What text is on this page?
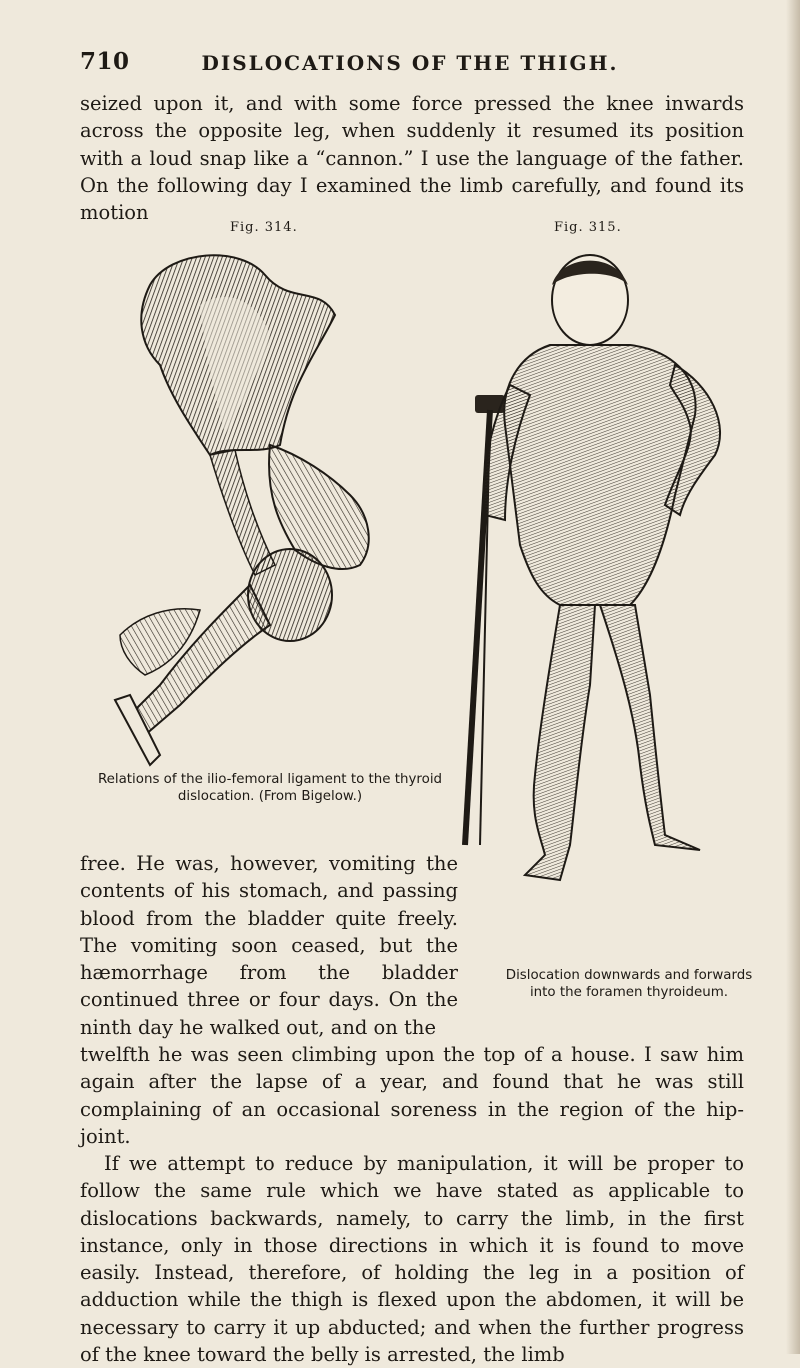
710	DISLOCATIONS OF THE THIGH.

seized upon it, and with some force pressed the knee inwards across the opposite leg, when suddenly it resumed its position with a loud snap like a “cannon.” I use the language of the father. On the following day I examined the limb carefully, and found its motion

Fig. 314.	Fig. 315.

Relations of the ilio-femoral ligament to the thyroid dislocation. (From Bigelow.)

free. He was, however, vomiting the contents of his stomach, and passing blood from the bladder quite freely. The vomiting soon ceased, but the hæmorrhage from the bladder continued three or four days. On the ninth day he walked out, and on the

Dislocation downwards and forwards into the foramen thyroideum.

twelfth he was seen climbing upon the top of a house. I saw him again after the lapse of a year, and found that he was still complaining of an occasional soreness in the region of the hip-joint.

If we attempt to reduce by manipulation, it will be proper to follow the same rule which we have stated as applicable to dislocations backwards, namely, to carry the limb, in the first instance, only in those directions in which it is found to move easily. Instead, therefore, of holding the leg in a position of adduction while the thigh is flexed upon the abdomen, it will be necessary to carry it up abducted; and when the further progress of the knee toward the belly is arrested, the limb
